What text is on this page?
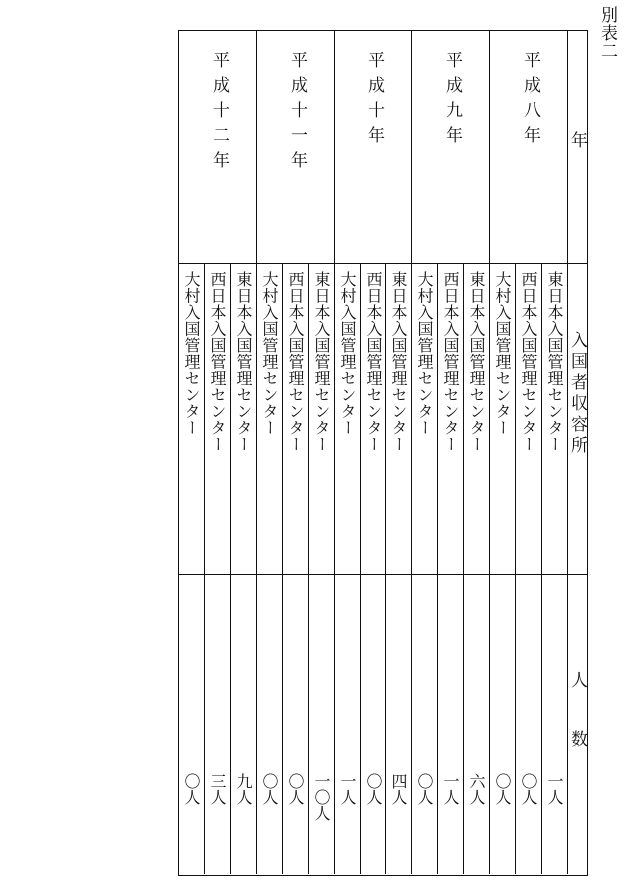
別表二
年
入国者収容所
人数
平成八年
平成九年
平成十年
平成十一年
平成十二年
東日本入国管理センター
西日本入国管理センター
大村入国管理センター
東日本入国管理センター
西日本入国管理センター
大村入国管理センター
東日本入国管理センター
西日本入国管理センター
大村入国管理センター
東日本入国管理センター
西日本入国管理センター
大村入国管理センター
東日本入国管理センター
西日本入国管理センター
大村入国管理センター
一人
〇人
〇人
六人
一人
〇人
四人
〇人
一人
一〇人
〇人
〇人
九人
三人
〇人
